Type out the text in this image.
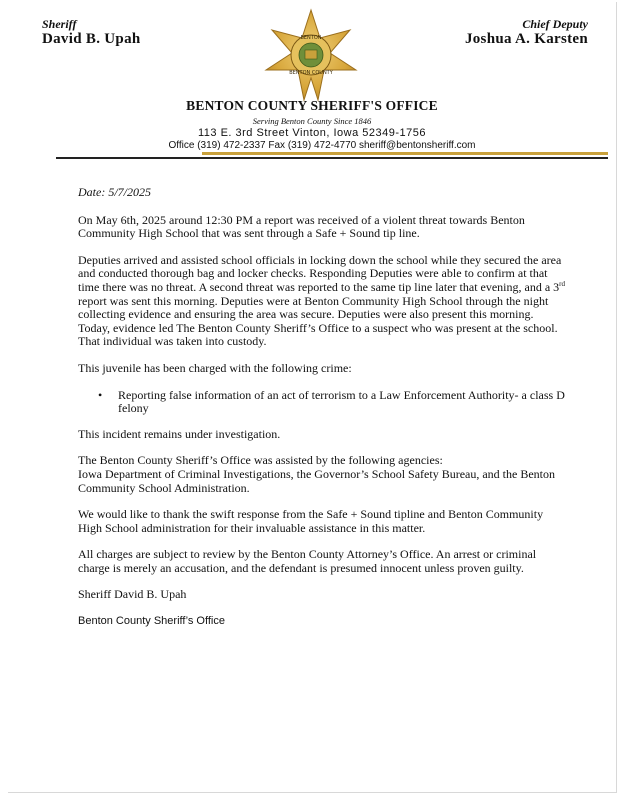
Sheriff
David B. Upah	BENTON
BENTON COUNTY
Chief Deputy
Joshua A. Karsten
BENTON COUNTY SHERIFF'S OFFICE
Serving Benton County Since 1846
113 E. 3rd Street Vinton, Iowa 52349-1756
Office (319) 472-2337 Fax (319) 472-4770 sheriff@bentonsheriff.com

Date: 5/7/2025

On May 6th, 2025 around 12:30 PM a report was received of a violent threat towards Benton Community High School that was sent through a Safe + Sound tip line.

Deputies arrived and assisted school officials in locking down the school while they secured the area and conducted thorough bag and locker checks. Responding Deputies were able to confirm at that time there was no threat. A second threat was reported to the same tip line later that evening, and a 3rd report was sent this morning. Deputies were at Benton Community High School through the night collecting evidence and ensuring the area was secure. Deputies were also present this morning. Today, evidence led The Benton County Sheriff’s Office to a suspect who was present at the school. That individual was taken into custody.

This juvenile has been charged with the following crime:

• Reporting false information of an act of terrorism to a Law Enforcement Authority- a class D felony

This incident remains under investigation.

The Benton County Sheriff’s Office was assisted by the following agencies:
Iowa Department of Criminal Investigations, the Governor’s School Safety Bureau, and the Benton Community School Administration.

We would like to thank the swift response from the Safe + Sound tipline and Benton Community High School administration for their invaluable assistance in this matter.

All charges are subject to review by the Benton County Attorney’s Office. An arrest or criminal charge is merely an accusation, and the defendant is presumed innocent unless proven guilty.

Sheriff David B. Upah

Benton County Sheriff’s Office
